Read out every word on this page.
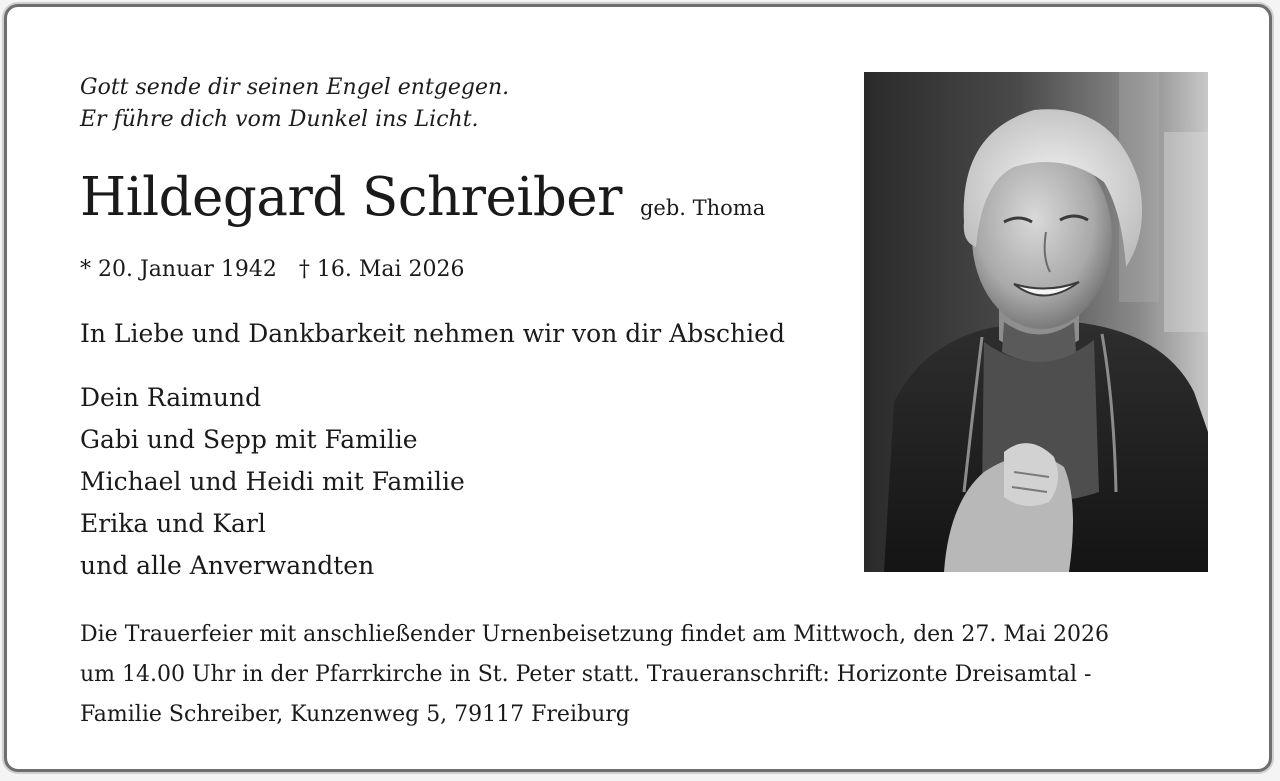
Gott sende dir seinen Engel entgegen.
Er führe dich vom Dunkel ins Licht.
Hildegard Schreiber geb. Thoma
* 20. Januar 1942 † 16. Mai 2026
In Liebe und Dankbarkeit nehmen wir von dir Abschied
Dein Raimund
Gabi und Sepp mit Familie
Michael und Heidi mit Familie
Erika und Karl
und alle Anverwandten
Die Trauerfeier mit anschließender Urnenbeisetzung findet am Mittwoch, den 27. Mai 2026
um 14.00 Uhr in der Pfarrkirche in St. Peter statt. Traueranschrift: Horizonte Dreisamtal -
Familie Schreiber, Kunzenweg 5, 79117 Freiburg
